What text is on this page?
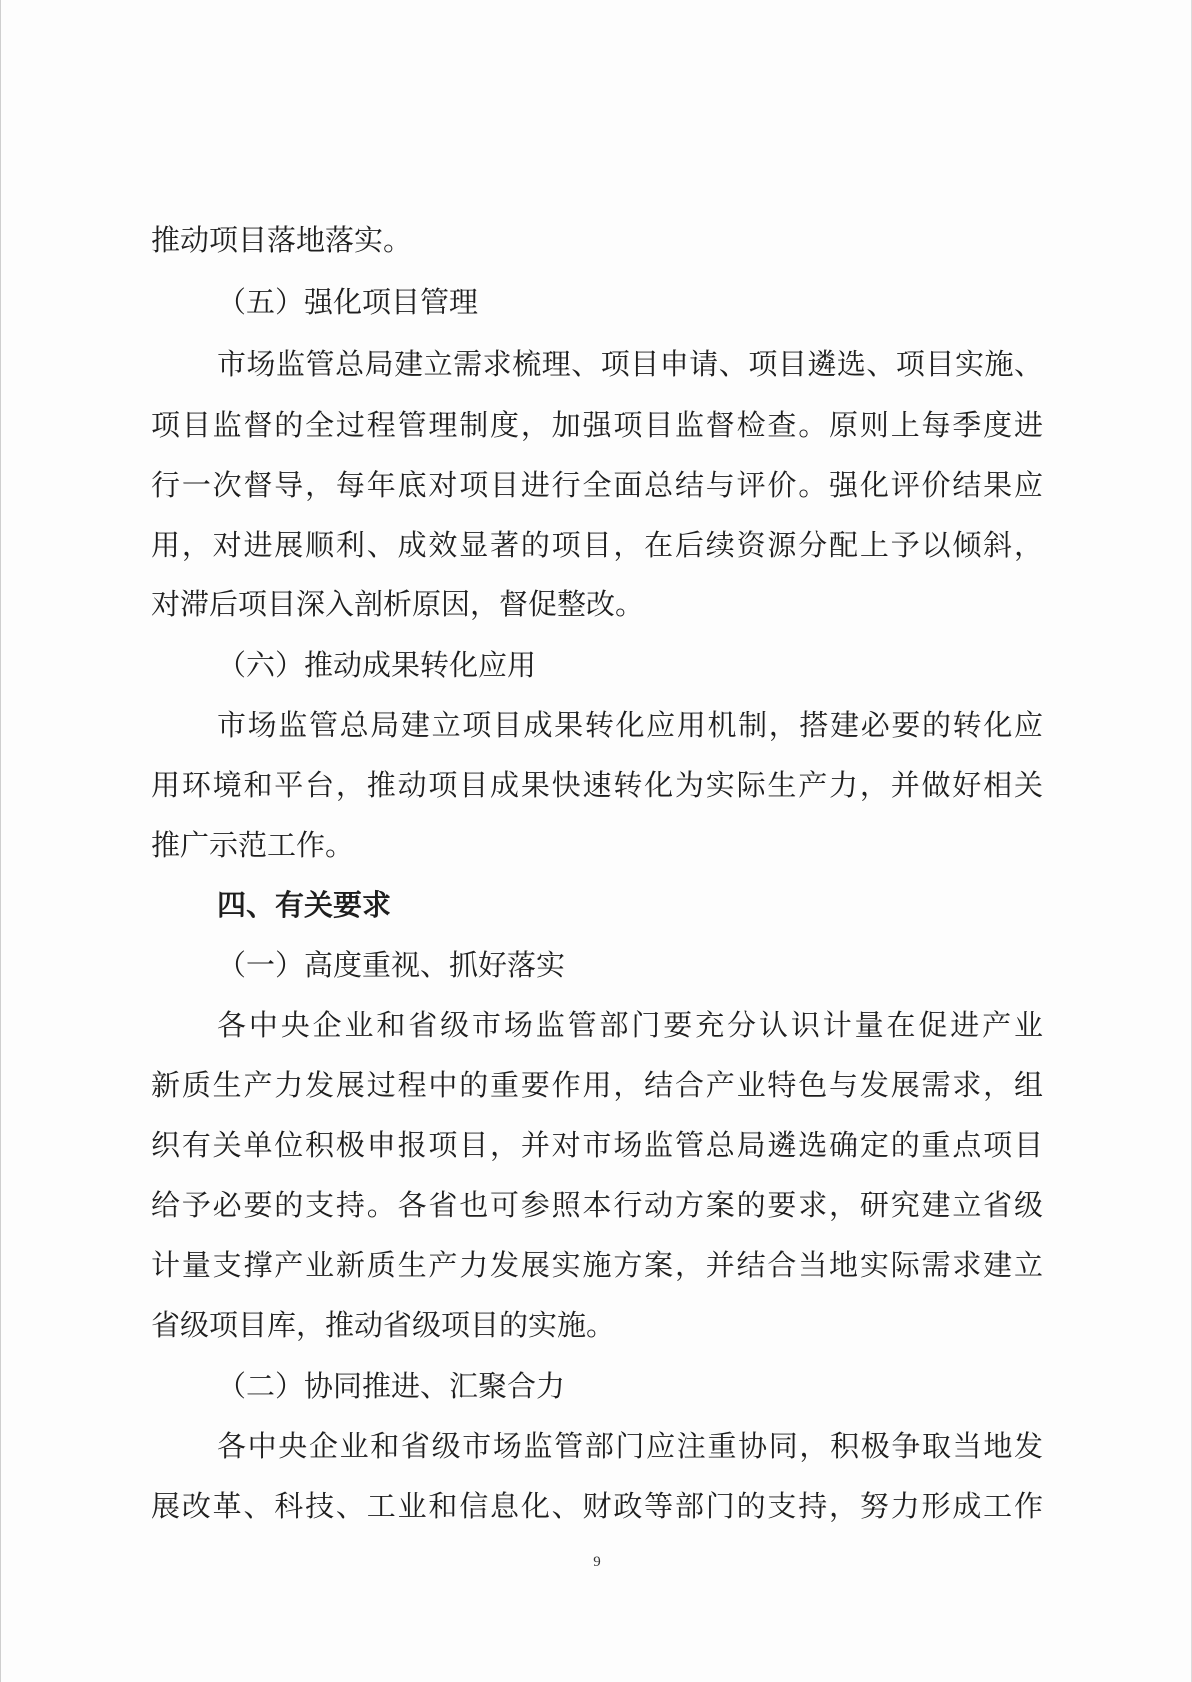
推动项目落地落实。
（五）强化项目管理
市场监管总局建立需求梳理、项目申请、项目遴选、项目实施、
项目监督的全过程管理制度，加强项目监督检查。原则上每季度进
行一次督导，每年底对项目进行全面总结与评价。强化评价结果应
用，对进展顺利、成效显著的项目，在后续资源分配上予以倾斜，
对滞后项目深入剖析原因，督促整改。
（六）推动成果转化应用
市场监管总局建立项目成果转化应用机制，搭建必要的转化应
用环境和平台，推动项目成果快速转化为实际生产力，并做好相关
推广示范工作。
四、有关要求
（一）高度重视、抓好落实
各中央企业和省级市场监管部门要充分认识计量在促进产业
新质生产力发展过程中的重要作用，结合产业特色与发展需求，组
织有关单位积极申报项目，并对市场监管总局遴选确定的重点项目
给予必要的支持。各省也可参照本行动方案的要求，研究建立省级
计量支撑产业新质生产力发展实施方案，并结合当地实际需求建立
省级项目库，推动省级项目的实施。
（二）协同推进、汇聚合力
各中央企业和省级市场监管部门应注重协同，积极争取当地发
展改革、科技、工业和信息化、财政等部门的支持，努力形成工作
9
